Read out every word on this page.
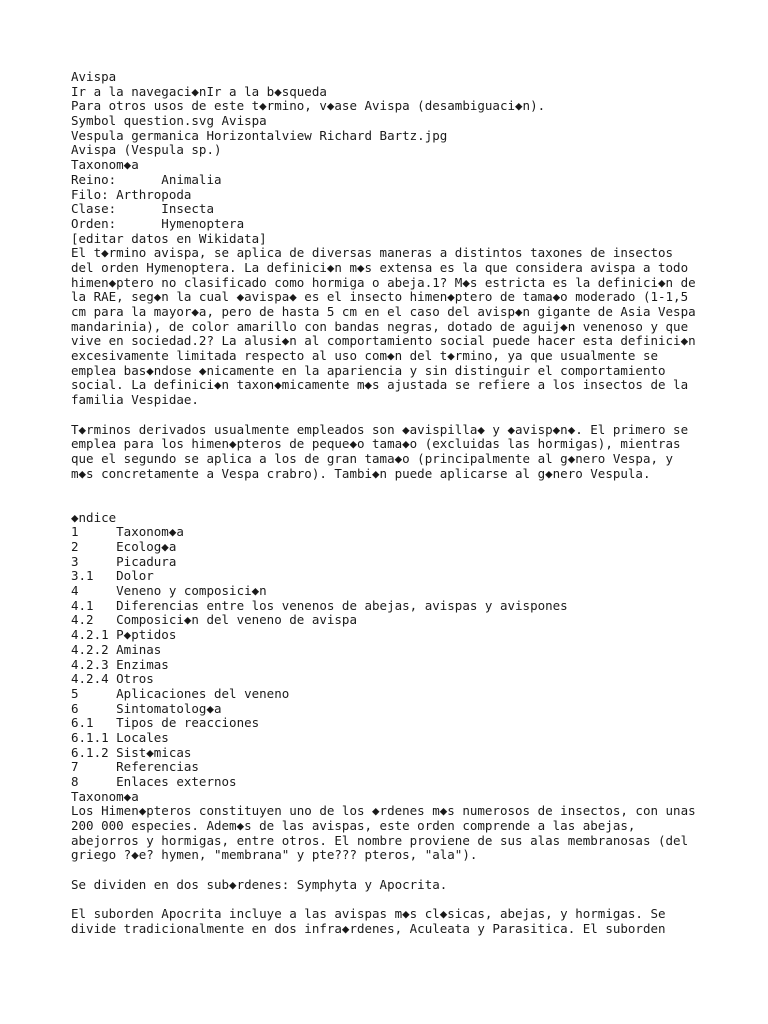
Avispa
Ir a la navegaci◆nIr a la b◆squeda
Para otros usos de este t◆rmino, v◆ase Avispa (desambiguaci◆n).
Symbol question.svg Avispa
Vespula germanica Horizontalview Richard Bartz.jpg
Avispa (Vespula sp.)
Taxonom◆a
Reino:      Animalia
Filo: Arthropoda
Clase:      Insecta
Orden:      Hymenoptera
[editar datos en Wikidata]
El t◆rmino avispa, se aplica de diversas maneras a distintos taxones de insectos
del orden Hymenoptera. La definici◆n m◆s extensa es la que considera avispa a todo
himen◆ptero no clasificado como hormiga o abeja.1? M◆s estricta es la definici◆n de
la RAE, seg◆n la cual ◆avispa◆ es el insecto himen◆ptero de tama◆o moderado (1-1,5
cm para la mayor◆a, pero de hasta 5 cm en el caso del avisp◆n gigante de Asia Vespa
mandarinia), de color amarillo con bandas negras, dotado de aguij◆n venenoso y que
vive en sociedad.2? La alusi◆n al comportamiento social puede hacer esta definici◆n
excesivamente limitada respecto al uso com◆n del t◆rmino, ya que usualmente se
emplea bas◆ndose ◆nicamente en la apariencia y sin distinguir el comportamiento
social. La definici◆n taxon◆micamente m◆s ajustada se refiere a los insectos de la
familia Vespidae.
T◆rminos derivados usualmente empleados son ◆avispilla◆ y ◆avisp◆n◆. El primero se
emplea para los himen◆pteros de peque◆o tama◆o (excluidas las hormigas), mientras
que el segundo se aplica a los de gran tama◆o (principalmente al g◆nero Vespa, y
m◆s concretamente a Vespa crabro). Tambi◆n puede aplicarse al g◆nero Vespula.
◆ndice
1     Taxonom◆a
2     Ecolog◆a
3     Picadura
3.1   Dolor
4     Veneno y composici◆n
4.1   Diferencias entre los venenos de abejas, avispas y avispones
4.2   Composici◆n del veneno de avispa
4.2.1 P◆ptidos
4.2.2 Aminas
4.2.3 Enzimas
4.2.4 Otros
5     Aplicaciones del veneno
6     Sintomatolog◆a
6.1   Tipos de reacciones
6.1.1 Locales
6.1.2 Sist◆micas
7     Referencias
8     Enlaces externos
Taxonom◆a
Los Himen◆pteros constituyen uno de los ◆rdenes m◆s numerosos de insectos, con unas
200 000 especies. Adem◆s de las avispas, este orden comprende a las abejas,
abejorros y hormigas, entre otros. El nombre proviene de sus alas membranosas (del
griego ?◆e? hymen, "membrana" y pte??? pteros, "ala").
Se dividen en dos sub◆rdenes: Symphyta y Apocrita.
El suborden Apocrita incluye a las avispas m◆s cl◆sicas, abejas, y hormigas. Se
divide tradicionalmente en dos infra◆rdenes, Aculeata y Parasitica. El suborden
